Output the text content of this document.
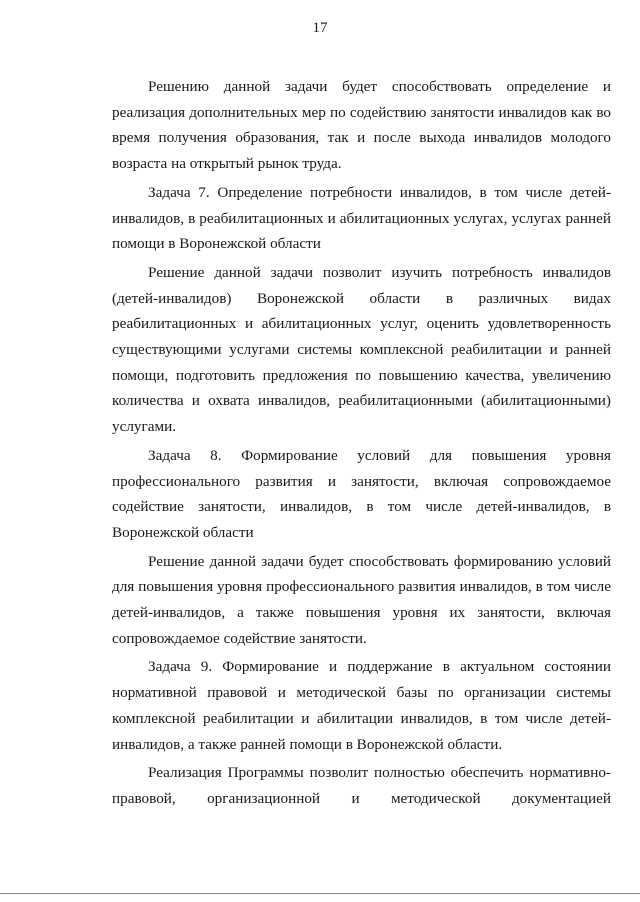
17

Решению данной задачи будет способствовать определение и реализация дополнительных мер по содействию занятости инвалидов как во время получения образования, так и после выхода инвалидов молодого возраста на открытый рынок труда.

Задача 7. Определение потребности инвалидов, в том числе детей-инвалидов, в реабилитационных и абилитационных услугах, услугах ранней помощи в Воронежской области

Решение данной задачи позволит изучить потребность инвалидов (детей-инвалидов) Воронежской области в различных видах реабилитационных и абилитационных услуг, оценить удовлетворенность существующими услугами системы комплексной реабилитации и ранней помощи, подготовить предложения по повышению качества, увеличению количества и охвата инвалидов, реабилитационными (абилитационными) услугами.

Задача 8. Формирование условий для повышения уровня профессионального развития и занятости, включая сопровождаемое содействие занятости, инвалидов, в том числе детей-инвалидов, в Воронежской области

Решение данной задачи будет способствовать формированию условий для повышения уровня профессионального развития инвалидов, в том числе детей-инвалидов, а также повышения уровня их занятости, включая сопровождаемое содействие занятости.

Задача 9. Формирование и поддержание в актуальном состоянии нормативной правовой и методической базы по организации системы комплексной реабилитации и абилитации инвалидов, в том числе детей-инвалидов, а также ранней помощи в Воронежской области.

Реализация Программы позволит полностью обеспечить нормативно-правовой, организационной и методической документацией
